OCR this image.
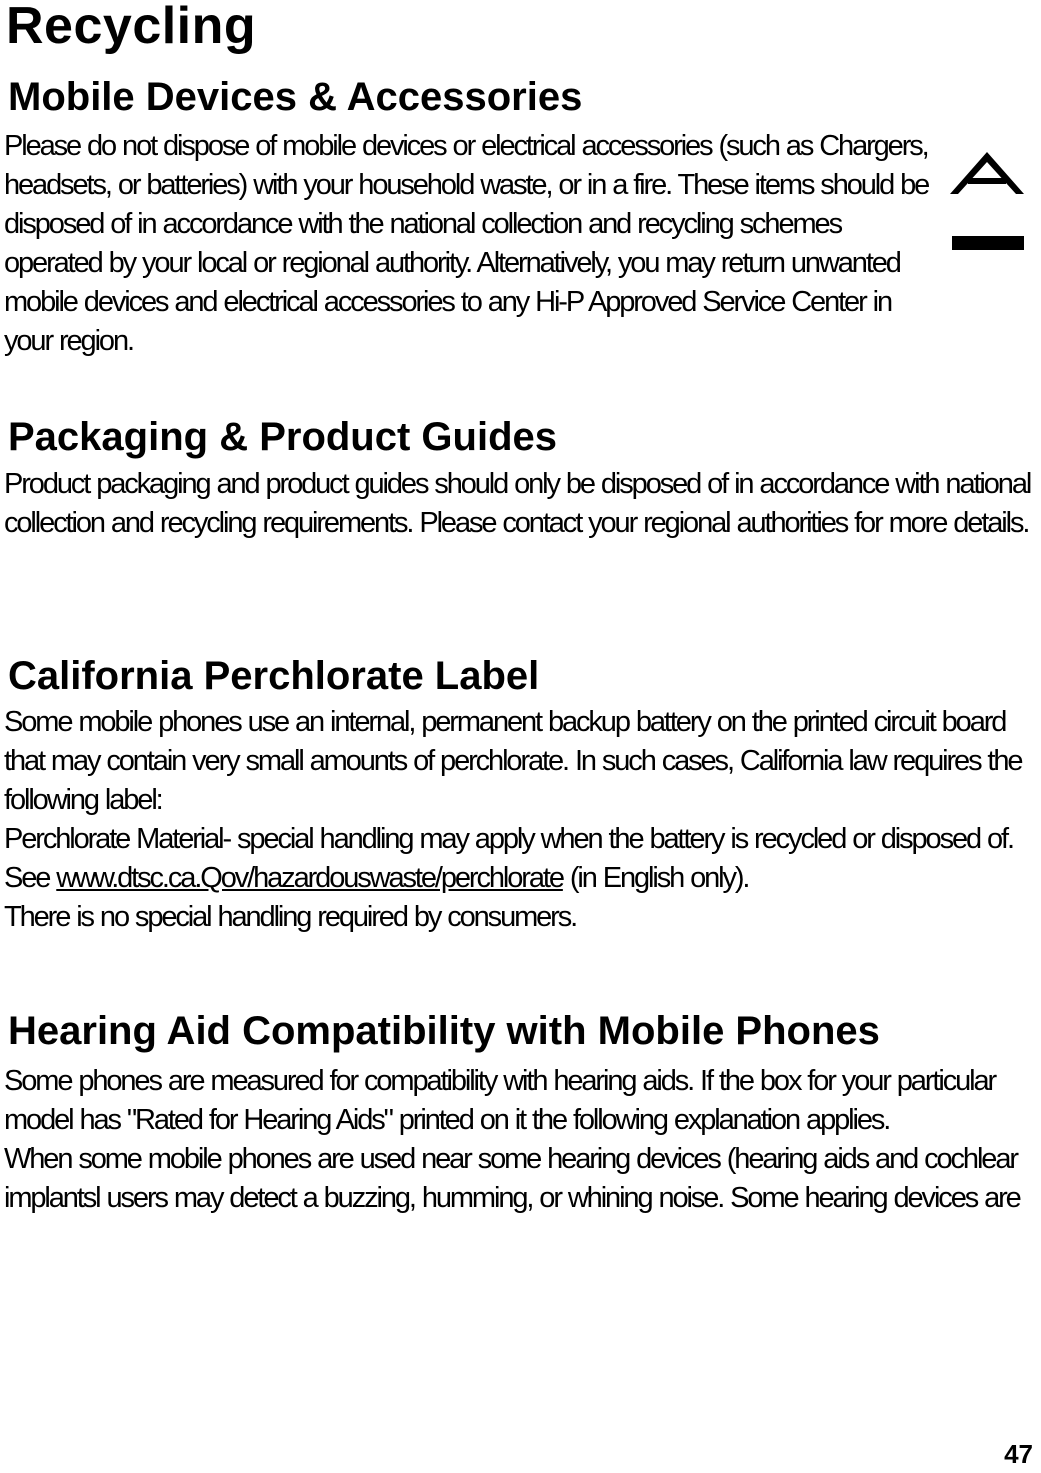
Recycling
Mobile Devices & Accessories

Please do not dispose of mobile devices or electrical accessories (such as Chargers, headsets, or batteries) with your household waste, or in a fire. These items should be disposed of in accordance with the national collection and recycling schemes operated by your local or regional authority. Alternatively, you may return unwanted mobile devices and electrical accessories to any Hi-P Approved Service Center in your region.

Packaging & Product Guides

Product packaging and product guides should only be disposed of in accordance with national collection and recycling requirements. Please contact your regional authorities for more details.

California Perchlorate Label

Some mobile phones use an internal, permanent backup battery on the printed circuit board that may contain very small amounts of perchlorate. In such cases, California law requires the following label:

Perchlorate Material- special handling may apply when the battery is recycled or disposed of. See www.dtsc.ca.Qov/hazardouswaste/perchlorate (in English only).

There is no special handling required by consumers.

Hearing Aid Compatibility with Mobile Phones

Some phones are measured for compatibility with hearing aids. If the box for your particular model has "Rated for Hearing Aids" printed on it the following explanation applies.

When some mobile phones are used near some hearing devices (hearing aids and cochlear implantsl users may detect a buzzing, humming, or whining noise. Some hearing devices are

47
